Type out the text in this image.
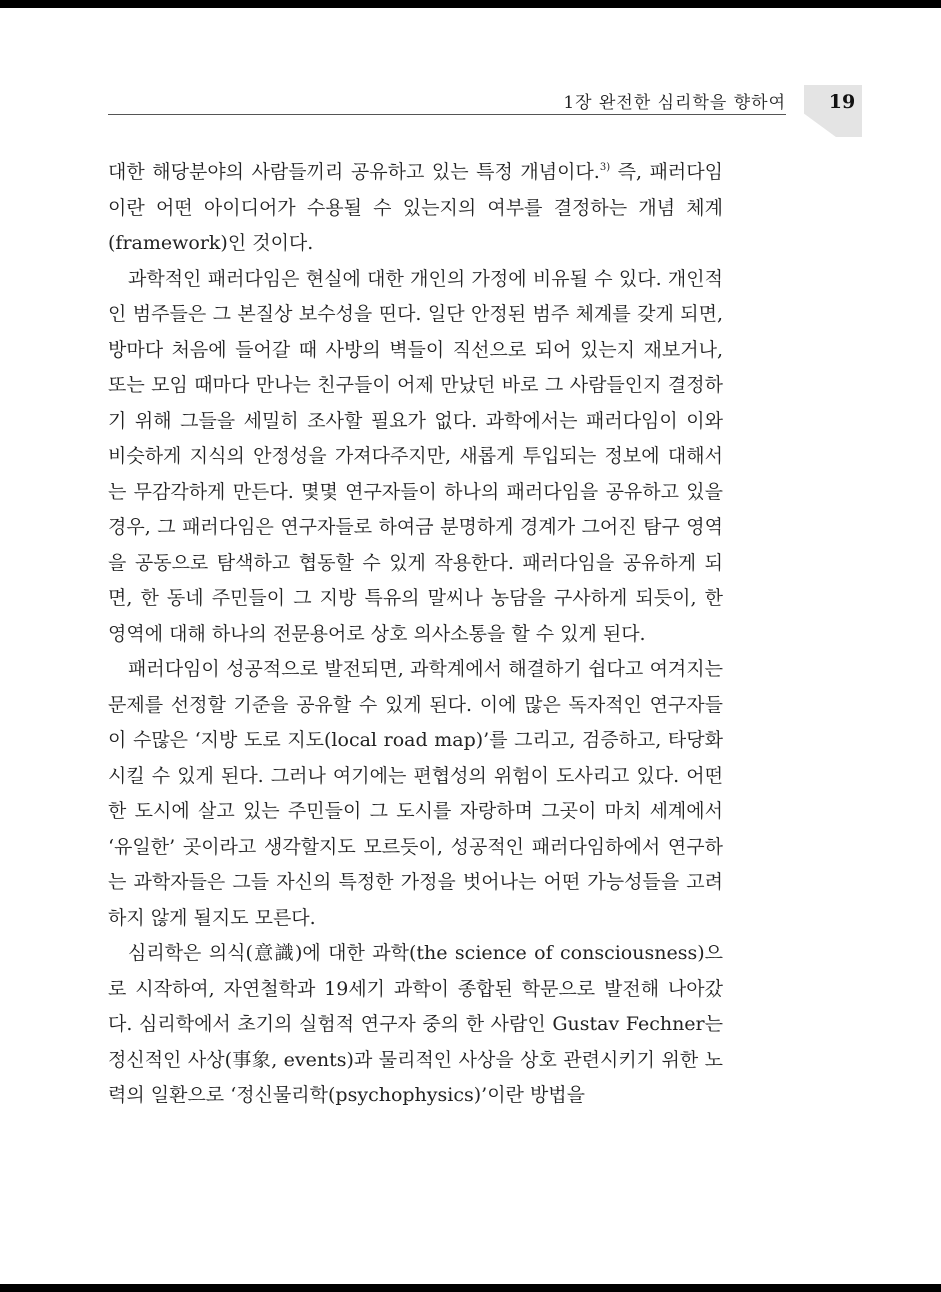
1장 완전한 심리학을 향하여	19

대한 해당분야의 사람들끼리 공유하고 있는 특정 개념이다.$^{3)}$ 즉, 패러다임이란 어떤 아이디어가 수용될 수 있는지의 여부를 결정하는 개념 체계(framework)인 것이다.

과학적인 패러다임은 현실에 대한 개인의 가정에 비유될 수 있다. 개인적인 범주들은 그 본질상 보수성을 띤다. 일단 안정된 범주 체계를 갖게 되면, 방마다 처음에 들어갈 때 사방의 벽들이 직선으로 되어 있는지 재보거나, 또는 모임 때마다 만나는 친구들이 어제 만났던 바로 그 사람들인지 결정하기 위해 그들을 세밀히 조사할 필요가 없다. 과학에서는 패러다임이 이와 비슷하게 지식의 안정성을 가져다주지만, 새롭게 투입되는 정보에 대해서는 무감각하게 만든다. 몇몇 연구자들이 하나의 패러다임을 공유하고 있을 경우, 그 패러다임은 연구자들로 하여금 분명하게 경계가 그어진 탐구 영역을 공동으로 탐색하고 협동할 수 있게 작용한다. 패러다임을 공유하게 되면, 한 동네 주민들이 그 지방 특유의 말씨나 농담을 구사하게 되듯이, 한 영역에 대해 하나의 전문용어로 상호 의사소통을 할 수 있게 된다.

패러다임이 성공적으로 발전되면, 과학계에서 해결하기 쉽다고 여겨지는 문제를 선정할 기준을 공유할 수 있게 된다. 이에 많은 독자적인 연구자들이 수많은 ‘지방 도로 지도(local road map)’를 그리고, 검증하고, 타당화시킬 수 있게 된다. 그러나 여기에는 편협성의 위험이 도사리고 있다. 어떤 한 도시에 살고 있는 주민들이 그 도시를 자랑하며 그곳이 마치 세계에서 ‘유일한’ 곳이라고 생각할지도 모르듯이, 성공적인 패러다임하에서 연구하는 과학자들은 그들 자신의 특정한 가정을 벗어나는 어떤 가능성들을 고려하지 않게 될지도 모른다.

심리학은 의식(意識)에 대한 과학(the science of consciousness)으로 시작하여, 자연철학과 19세기 과학이 종합된 학문으로 발전해 나아갔다. 심리학에서 초기의 실험적 연구자 중의 한 사람인 Gustav Fechner는 정신적인 사상(事象, events)과 물리적인 사상을 상호 관련시키기 위한 노력의 일환으로 ‘정신물리학(psychophysics)’이란 방법을
